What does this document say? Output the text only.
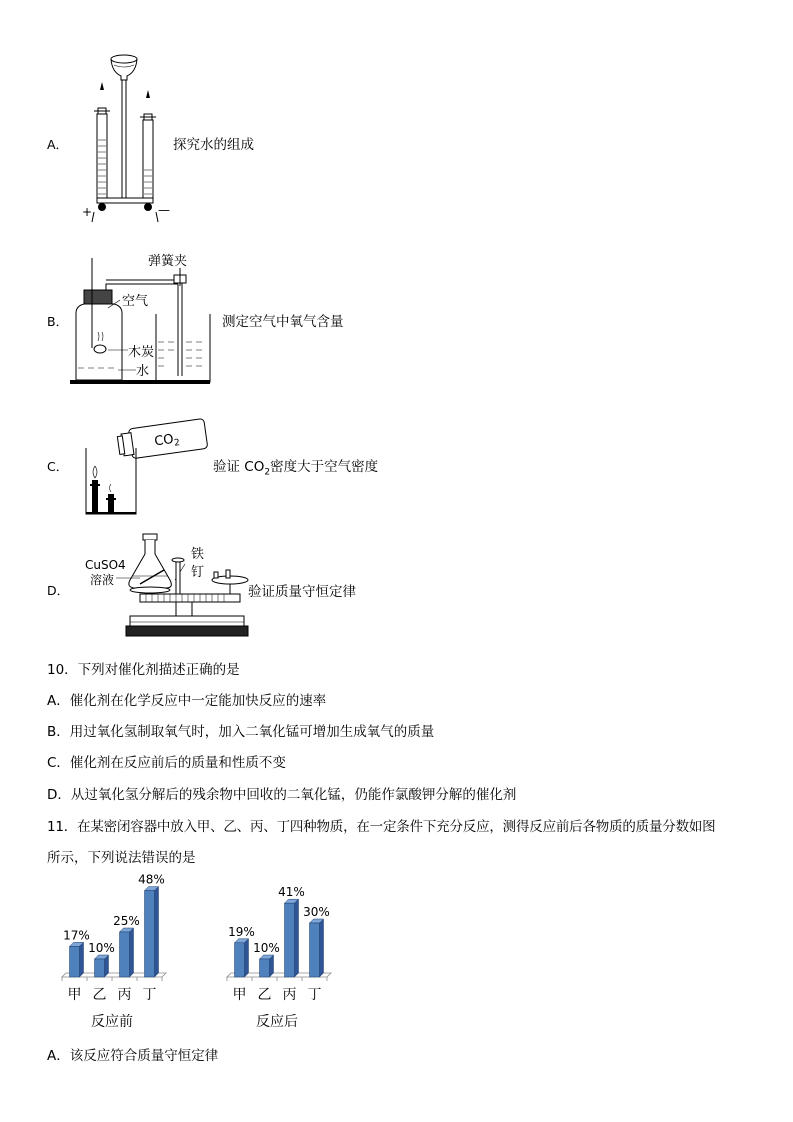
A．
+	—
探究水的组成
B．
弹簧夹
空气
木炭
水
测定空气中氧气含量
C．
$CO_2$
验证 $CO_2$密度大于空气密度
D．
CuSO4
溶液
铁
钉
验证质量守恒定律
10．下列对催化剂描述正确的是
A．催化剂在化学反应中一定能加快反应的速率
B．用过氧化氢制取氧气时，加入二氧化锰可增加生成氧气的质量
C．催化剂在反应前后的质量和性质不变
D．从过氧化氢分解后的残余物中回收的二氧化锰，仍能作氯酸钾分解的催化剂
11．在某密闭容器中放入甲、乙、丙、丁四种物质，在一定条件下充分反应，测得反应前后各物质的质量分数如图
所示，下列说法错误的是
17%
甲
10%
乙
25%
丙
48%
丁
反应前
19%
甲
10%
乙
41%
丙
30%
丁
反应后
A．该反应符合质量守恒定律
